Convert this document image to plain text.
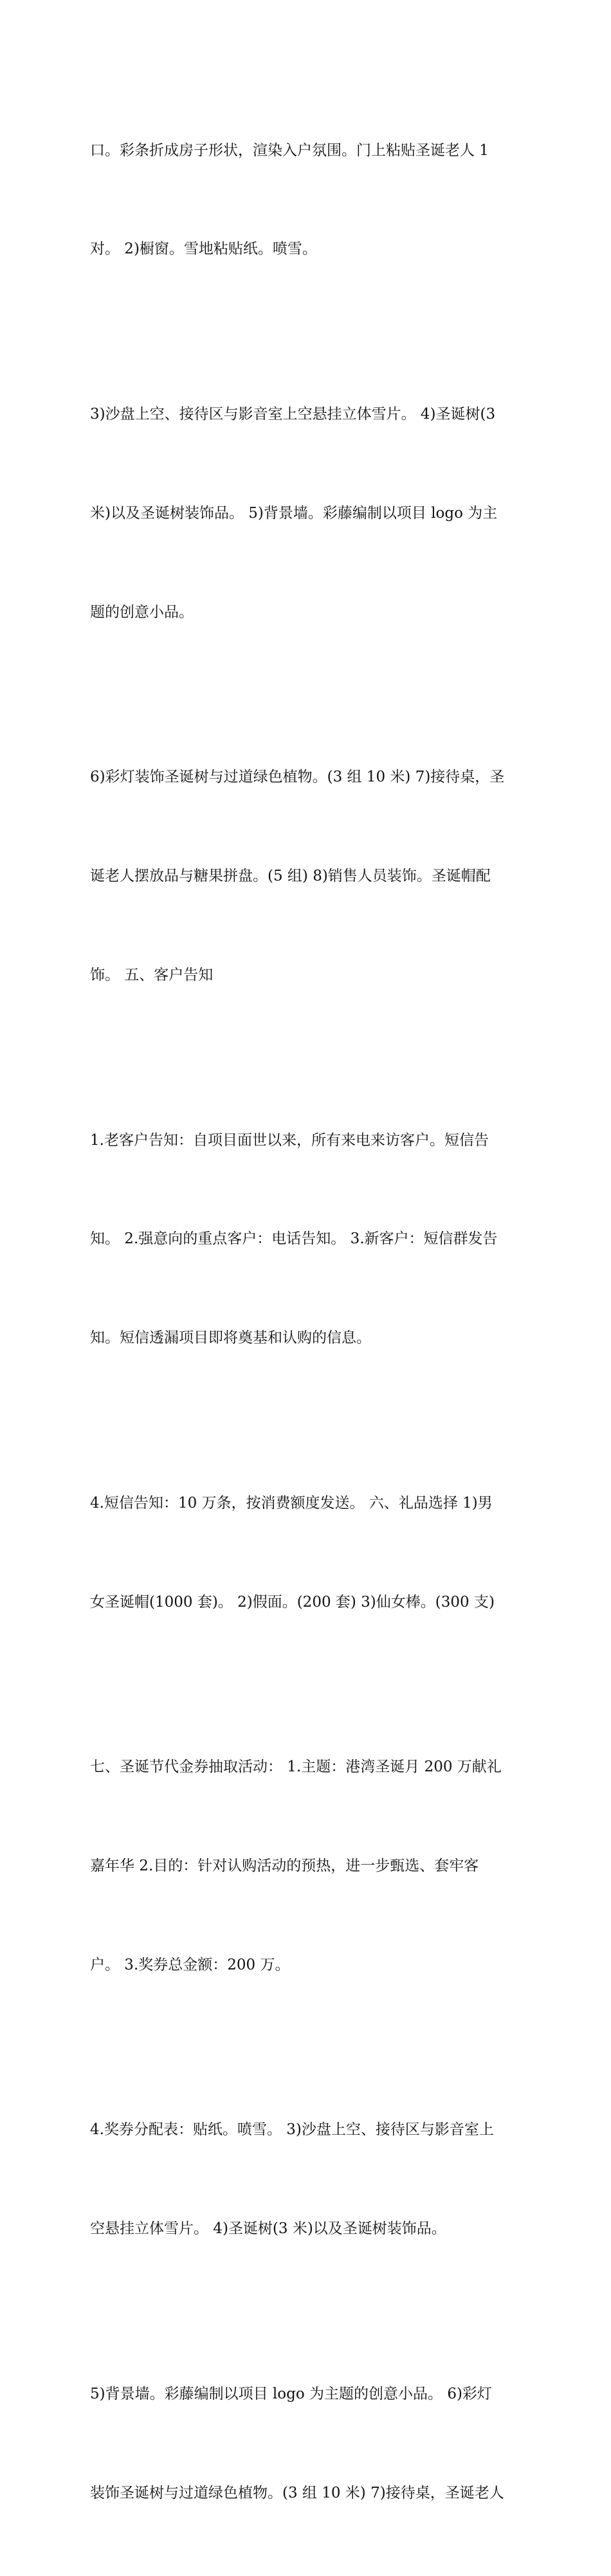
口。彩条折成房子形状，渲染入户氛围。门上粘贴圣诞老人 1

对。 2)橱窗。雪地粘贴纸。喷雪。

3)沙盘上空、接待区与影音室上空悬挂立体雪片。 4)圣诞树(3

米)以及圣诞树装饰品。 5)背景墙。彩藤编制以项目 logo 为主

题的创意小品。

6)彩灯装饰圣诞树与过道绿色植物。(3 组 10 米) 7)接待桌，圣

诞老人摆放品与糖果拼盘。(5 组) 8)销售人员装饰。圣诞帽配

饰。 五、客户告知

1.老客户告知：自项目面世以来，所有来电来访客户。短信告

知。 2.强意向的重点客户：电话告知。 3.新客户：短信群发告

知。短信透漏项目即将奠基和认购的信息。

4.短信告知：10 万条，按消费额度发送。 六、礼品选择 1)男

女圣诞帽(1000 套)。 2)假面。(200 套) 3)仙女棒。(300 支)

七、圣诞节代金券抽取活动： 1.主题：港湾圣诞月 200 万献礼

嘉年华 2.目的：针对认购活动的预热，进一步甄选、套牢客

户。 3.奖券总金额：200 万。

4.奖券分配表：贴纸。喷雪。 3)沙盘上空、接待区与影音室上

空悬挂立体雪片。 4)圣诞树(3 米)以及圣诞树装饰品。

5)背景墙。彩藤编制以项目 logo 为主题的创意小品。 6)彩灯

装饰圣诞树与过道绿色植物。(3 组 10 米) 7)接待桌，圣诞老人
